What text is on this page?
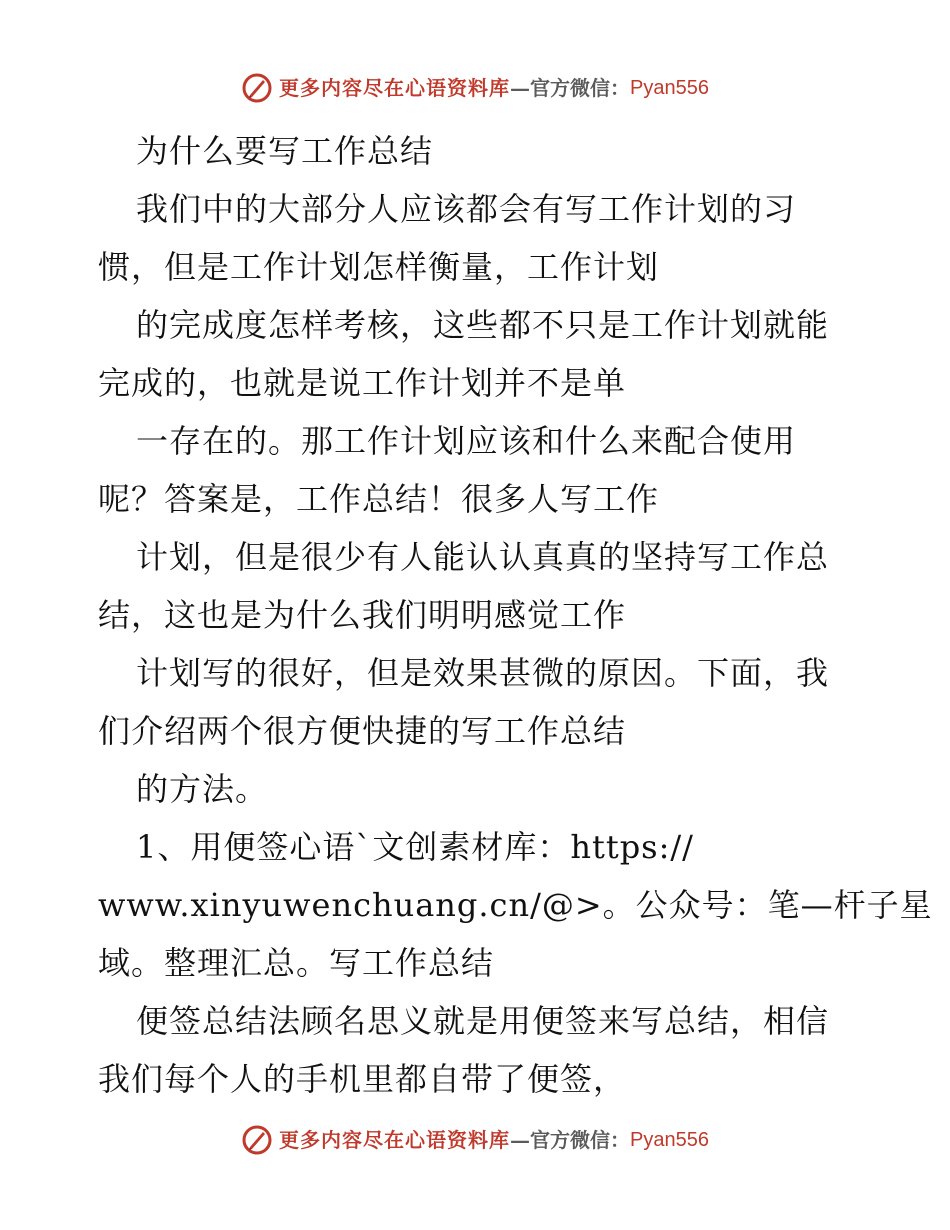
更多内容尽在心语资料库 — 官方微信： Pyan556
为什么要写工作总结
我们中的大部分人应该都会有写工作计划的习
惯，但是工作计划怎样衡量，工作计划
的完成度怎样考核，这些都不只是工作计划就能
完成的，也就是说工作计划并不是单
一存在的。那工作计划应该和什么来配合使用
呢？答案是，工作总结！很多人写工作
计划，但是很少有人能认认真真的坚持写工作总
结，这也是为什么我们明明感觉工作
计划写的很好，但是效果甚微的原因。下面，我
们介绍两个很方便快捷的写工作总结
的方法。
1、用便签心语`文创素材库：https://
www.xinyuwenchuang.cn/@>。公众号：笔—杆子星
域。整理汇总。写工作总结
便签总结法顾名思义就是用便签来写总结，相信
我们每个人的手机里都自带了便签，
更多内容尽在心语资料库 — 官方微信： Pyan556
